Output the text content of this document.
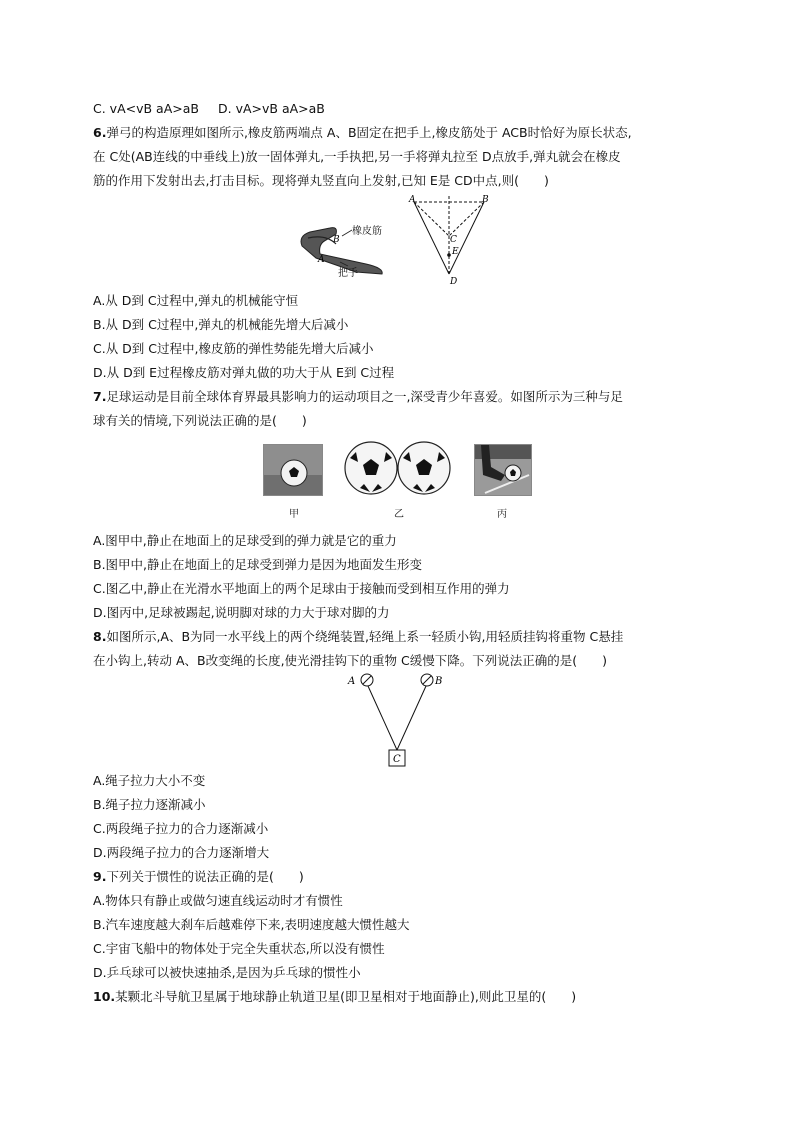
C. vA<vB aA>aB D. vA>vB aA>aB
6.弹弓的构造原理如图所示,橡皮筋两端点 A、B固定在把手上,橡皮筋处于 ACB时恰好为原长状态,
在 C处(AB连线的中垂线上)放一固体弹丸,一手执把,另一手将弹丸拉至 D点放手,弹丸就会在橡皮
筋的作用下发射出去,打击目标。现将弹丸竖直向上发射,已知 E是 CD中点,则(　　)
B
A
橡皮筋
把手
A	B
C
E
D
A.从 D到 C过程中,弹丸的机械能守恒
B.从 D到 C过程中,弹丸的机械能先增大后减小
C.从 D到 C过程中,橡皮筋的弹性势能先增大后减小
D.从 D到 E过程橡皮筋对弹丸做的功大于从 E到 C过程
7.足球运动是目前全球体育界最具影响力的运动项目之一,深受青少年喜爱。如图所示为三种与足
球有关的情境,下列说法正确的是(　　)
甲	乙	丙
A.图甲中,静止在地面上的足球受到的弹力就是它的重力
B.图甲中,静止在地面上的足球受到弹力是因为地面发生形变
C.图乙中,静止在光滑水平地面上的两个足球由于接触而受到相互作用的弹力
D.图丙中,足球被踢起,说明脚对球的力大于球对脚的力
8.如图所示,A、B为同一水平线上的两个绕绳装置,轻绳上系一轻质小钩,用轻质挂钩将重物 C悬挂
在小钩上,转动 A、B改变绳的长度,使光滑挂钩下的重物 C缓慢下降。下列说法正确的是(　　)
A	B
C
A.绳子拉力大小不变
B.绳子拉力逐渐减小
C.两段绳子拉力的合力逐渐减小
D.两段绳子拉力的合力逐渐增大
9.下列关于惯性的说法正确的是(　　)
A.物体只有静止或做匀速直线运动时才有惯性
B.汽车速度越大刹车后越难停下来,表明速度越大惯性越大
C.宇宙飞船中的物体处于完全失重状态,所以没有惯性
D.乒乓球可以被快速抽杀,是因为乒乓球的惯性小
10.某颗北斗导航卫星属于地球静止轨道卫星(即卫星相对于地面静止),则此卫星的(　　)
